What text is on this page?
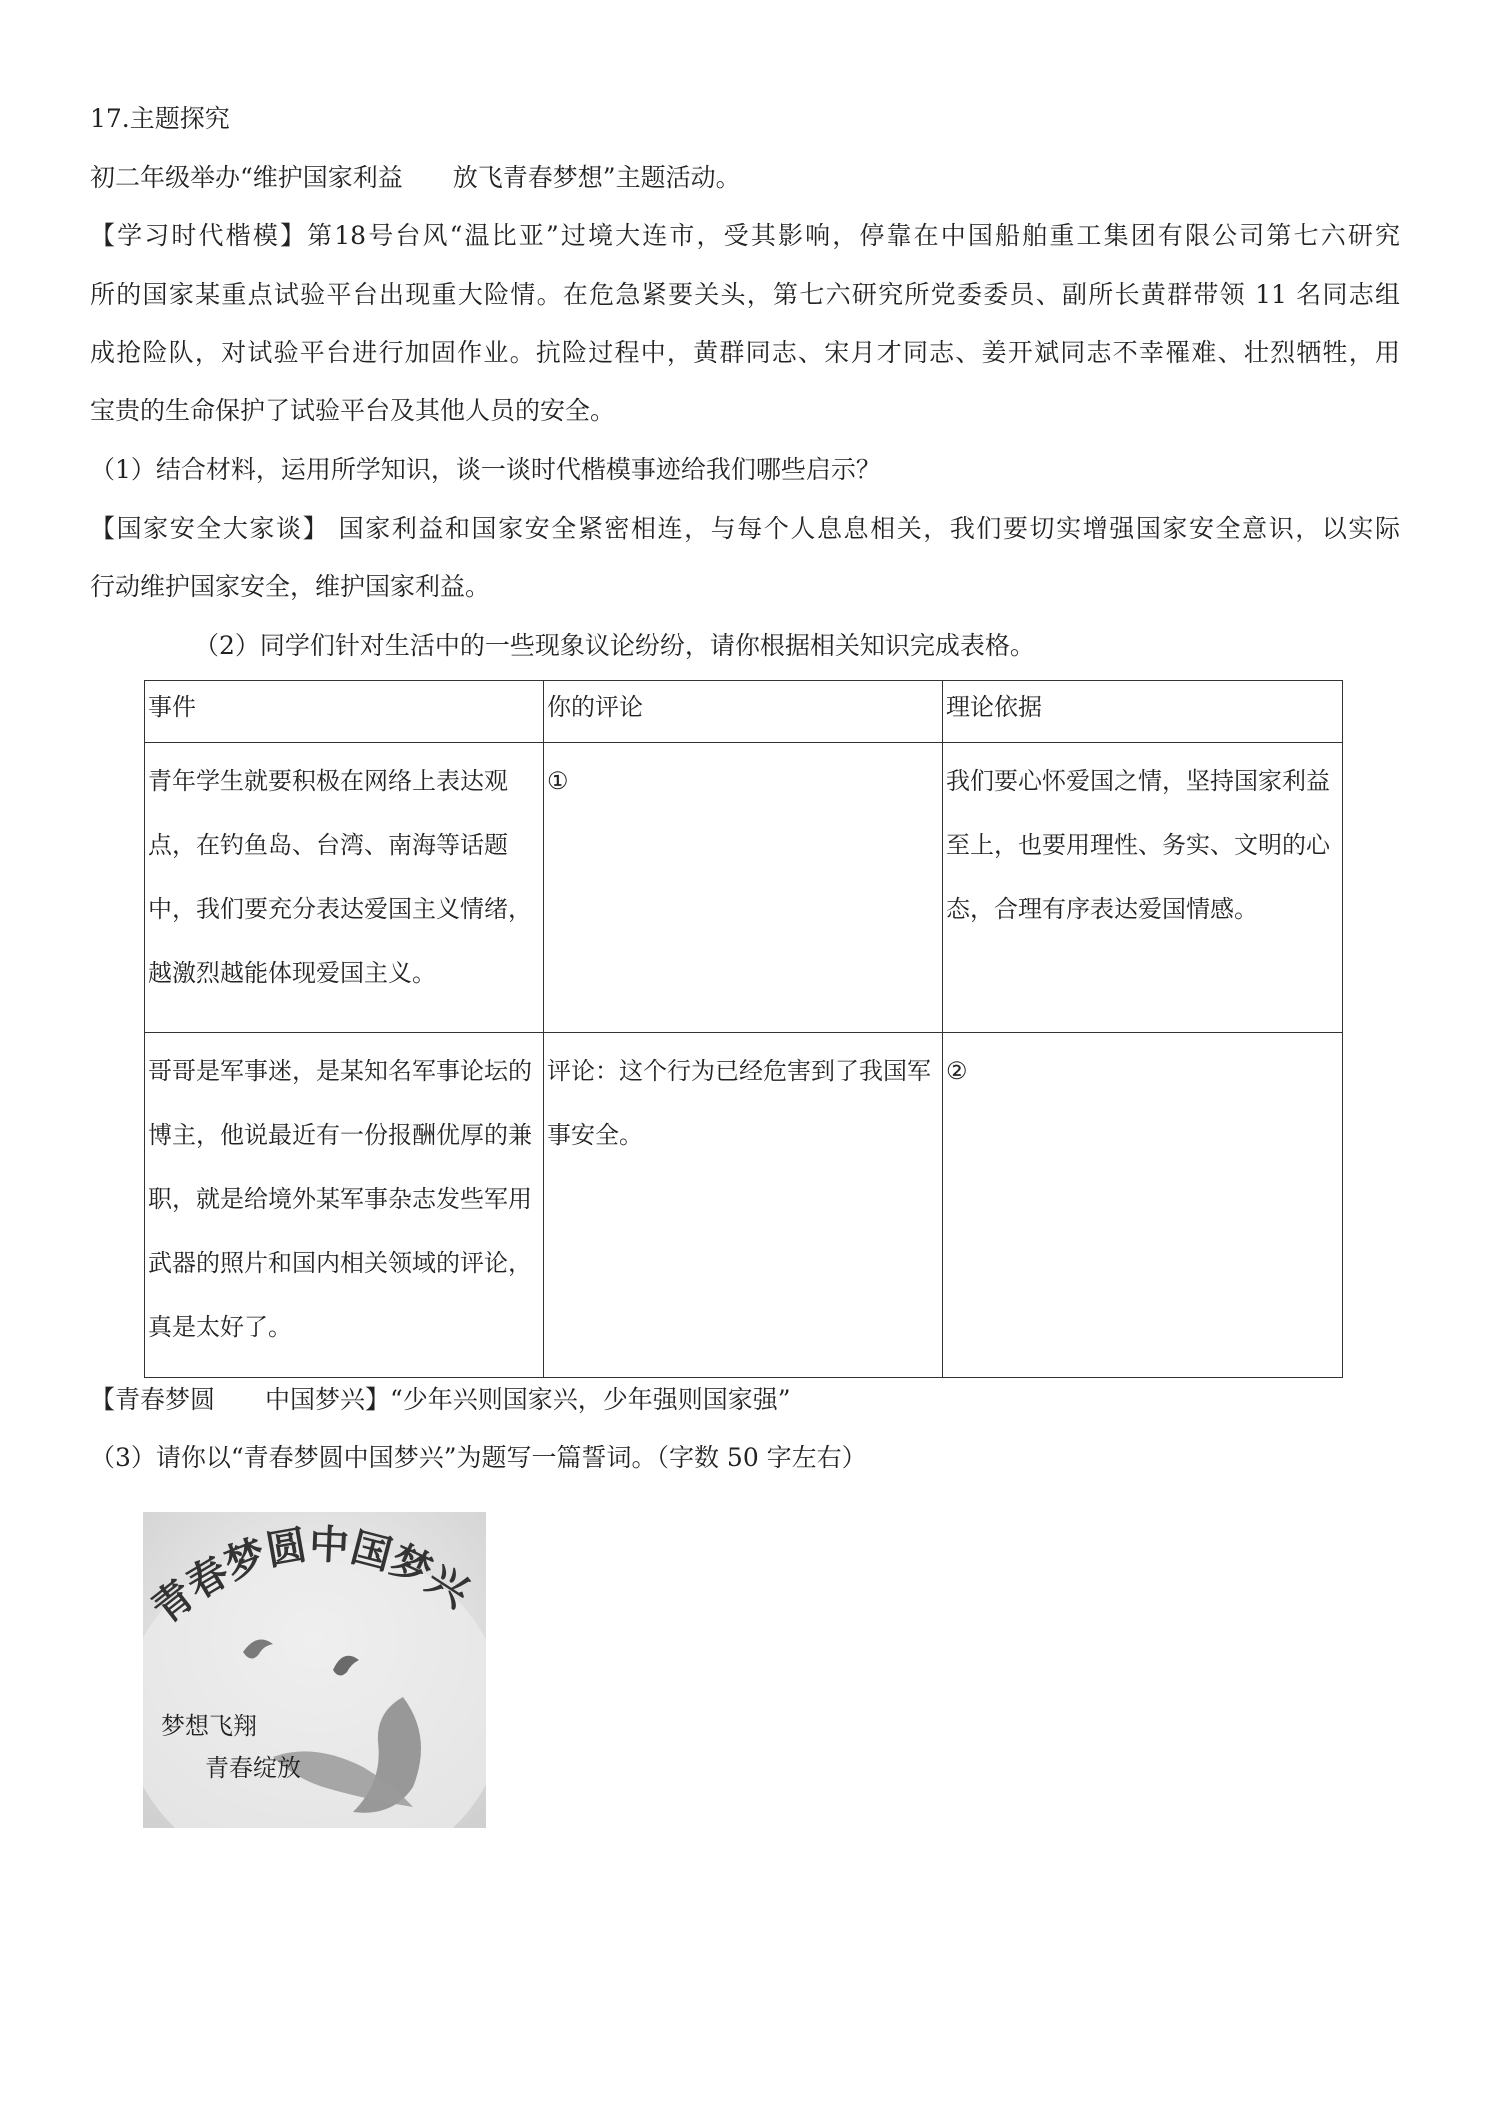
17.主题探究
初二年级举办“维护国家利益　　放飞青春梦想”主题活动。
【学习时代楷模】第18号台风“温比亚”过境大连市，受其影响，停靠在中国船舶重工集团有限公司第七六研究
所的国家某重点试验平台出现重大险情。在危急紧要关头，第七六研究所党委委员、副所长黄群带领 11 名同志组
成抢险队，对试验平台进行加固作业。抗险过程中，黄群同志、宋月才同志、姜开斌同志不幸罹难、壮烈牺牲，用
宝贵的生命保护了试验平台及其他人员的安全。
（1）结合材料，运用所学知识，谈一谈时代楷模事迹给我们哪些启示？
【国家安全大家谈】 国家利益和国家安全紧密相连，与每个人息息相关，我们要切实增强国家安全意识，以实际
行动维护国家安全，维护国家利益。
（2）同学们针对生活中的一些现象议论纷纷，请你根据相关知识完成表格。
事件	你的评论	理论依据
青年学生就要积极在网络上表达观点，在钓鱼岛、台湾、南海等话题中，我们要充分表达爱国主义情绪，越激烈越能体现爱国主义。	①	我们要心怀爱国之情，坚持国家利益至上，也要用理性、务实、文明的心态，合理有序表达爱国情感。
哥哥是军事迷，是某知名军事论坛的博主，他说最近有一份报酬优厚的兼职，就是给境外某军事杂志发些军用武器的照片和国内相关领域的评论，真是太好了。	评论：这个行为已经危害到了我国军事安全。	②
【青春梦圆　　中国梦兴】“少年兴则国家兴，少年强则国家强”
（3）请你以“青春梦圆中国梦兴”为题写一篇誓词。（字数 50 字左右）
青春梦圆中国梦兴
梦想飞翔
青春绽放
